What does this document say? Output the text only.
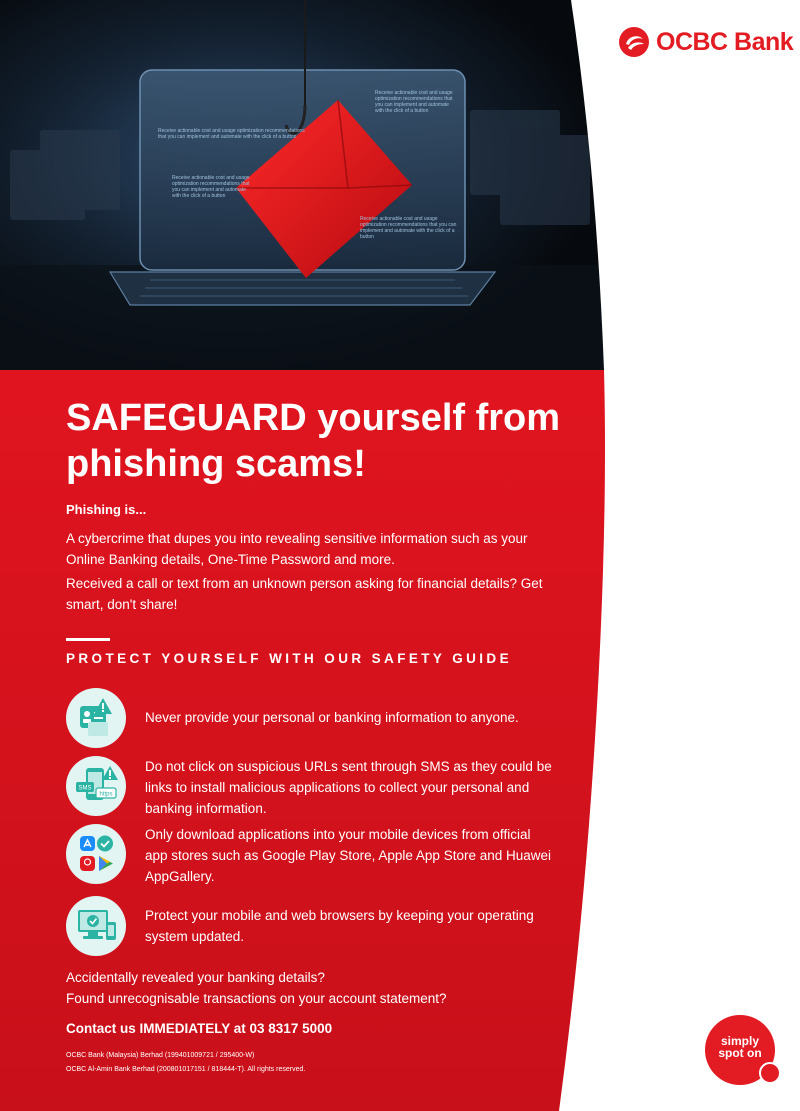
Receive actionable cost and usage optimization recommendations that you can implement and automate with the click of a button
Receive actionable cost and usage optimization recommendations that you can implement and automate with the click of a button
Receive actionable cost and usage optimization recommendations that you can implement and automate with the click of a button
Receive actionable cost and usage optimization recommendations that you can implement and automate with the click of a button
OCBC Bank
SAFEGUARD yourself from phishing scams!

Phishing is...

A cybercrime that dupes you into revealing sensitive information such as your Online Banking details, One-Time Password and more.

Received a call or text from an unknown person asking for financial details? Get smart, don't share!

PROTECT YOURSELF WITH OUR SAFETY GUIDE

Never provide your personal or banking information to anyone.

SMS
https

Do not click on suspicious URLs sent through SMS as they could be links to install malicious applications to collect your personal and banking information.

Only download applications into your mobile devices from official app stores such as Google Play Store, Apple App Store and Huawei AppGallery.

Protect your mobile and web browsers by keeping your operating system updated.

Accidentally revealed your banking details?

Found unrecognisable transactions on your account statement?

Contact us IMMEDIATELY at 03 8317 5000

OCBC Bank (Malaysia) Berhad (199401009721 / 295400-W)

OCBC Al-Amin Bank Berhad (200801017151 / 818444-T). All rights reserved.

simply
spot on
